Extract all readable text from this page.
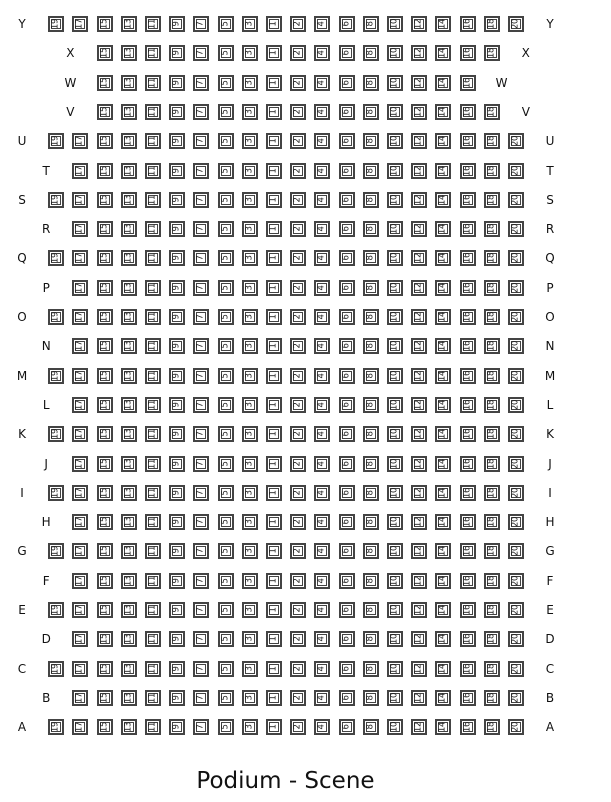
19 17 15 13 11 9 7 5 3 1 2 4 6 8 10 12 14 16 18 20
Y	Y
15 13 11 9 7 5 3 1 2 4 6 8 10 12 14 16 18
X	X
15 13 11 9 7 5 3 1 2 4 6 8 10 12 14 16
W	W
15 13 11 9 7 5 3 1 2 4 6 8 10 12 14 16 18
V	V
19 17 15 13 11 9 7 5 3 1 2 4 6 8 10 12 14 16 18 20
U	U
17 15 13 11 9 7 5 3 1 2 4 6 8 10 12 14 16 18 20
T	T
19 17 15 13 11 9 7 5 3 1 2 4 6 8 10 12 14 16 18 20
S	S
17 15 13 11 9 7 5 3 1 2 4 6 8 10 12 14 16 18 20
R	R
19 17 15 13 11 9 7 5 3 1 2 4 6 8 10 12 14 16 18 20
Q	Q
17 15 13 11 9 7 5 3 1 2 4 6 8 10 12 14 16 18 20
P	P
19 17 15 13 11 9 7 5 3 1 2 4 6 8 10 12 14 16 18 20
O	O
17 15 13 11 9 7 5 3 1 2 4 6 8 10 12 14 16 18 20
N	N
19 17 15 13 11 9 7 5 3 1 2 4 6 8 10 12 14 16 18 20
M	M
17 15 13 11 9 7 5 3 1 2 4 6 8 10 12 14 16 18 20
L	L
19 17 15 13 11 9 7 5 3 1 2 4 6 8 10 12 14 16 18 20
K	K
17 15 13 11 9 7 5 3 1 2 4 6 8 10 12 14 16 18 20
J	J
19 17 15 13 11 9 7 5 3 1 2 4 6 8 10 12 14 16 18 20
I	I
17 15 13 11 9 7 5 3 1 2 4 6 8 10 12 14 16 18 20
H	H
19 17 15 13 11 9 7 5 3 1 2 4 6 8 10 12 14 16 18 20
G	G
17 15 13 11 9 7 5 3 1 2 4 6 8 10 12 14 16 18 20
F	F
19 17 15 13 11 9 7 5 3 1 2 4 6 8 10 12 14 16 18 20
E	E
17 15 13 11 9 7 5 3 1 2 4 6 8 10 12 14 16 18 20
D	D
19 17 15 13 11 9 7 5 3 1 2 4 6 8 10 12 14 16 18 20
C	C
17 15 13 11 9 7 5 3 1 2 4 6 8 10 12 14 16 18 20
B	B
19 17 15 13 11 9 7 5 3 1 2 4 6 8 10 12 14 16 18 20
A	A
Podium - Scene
